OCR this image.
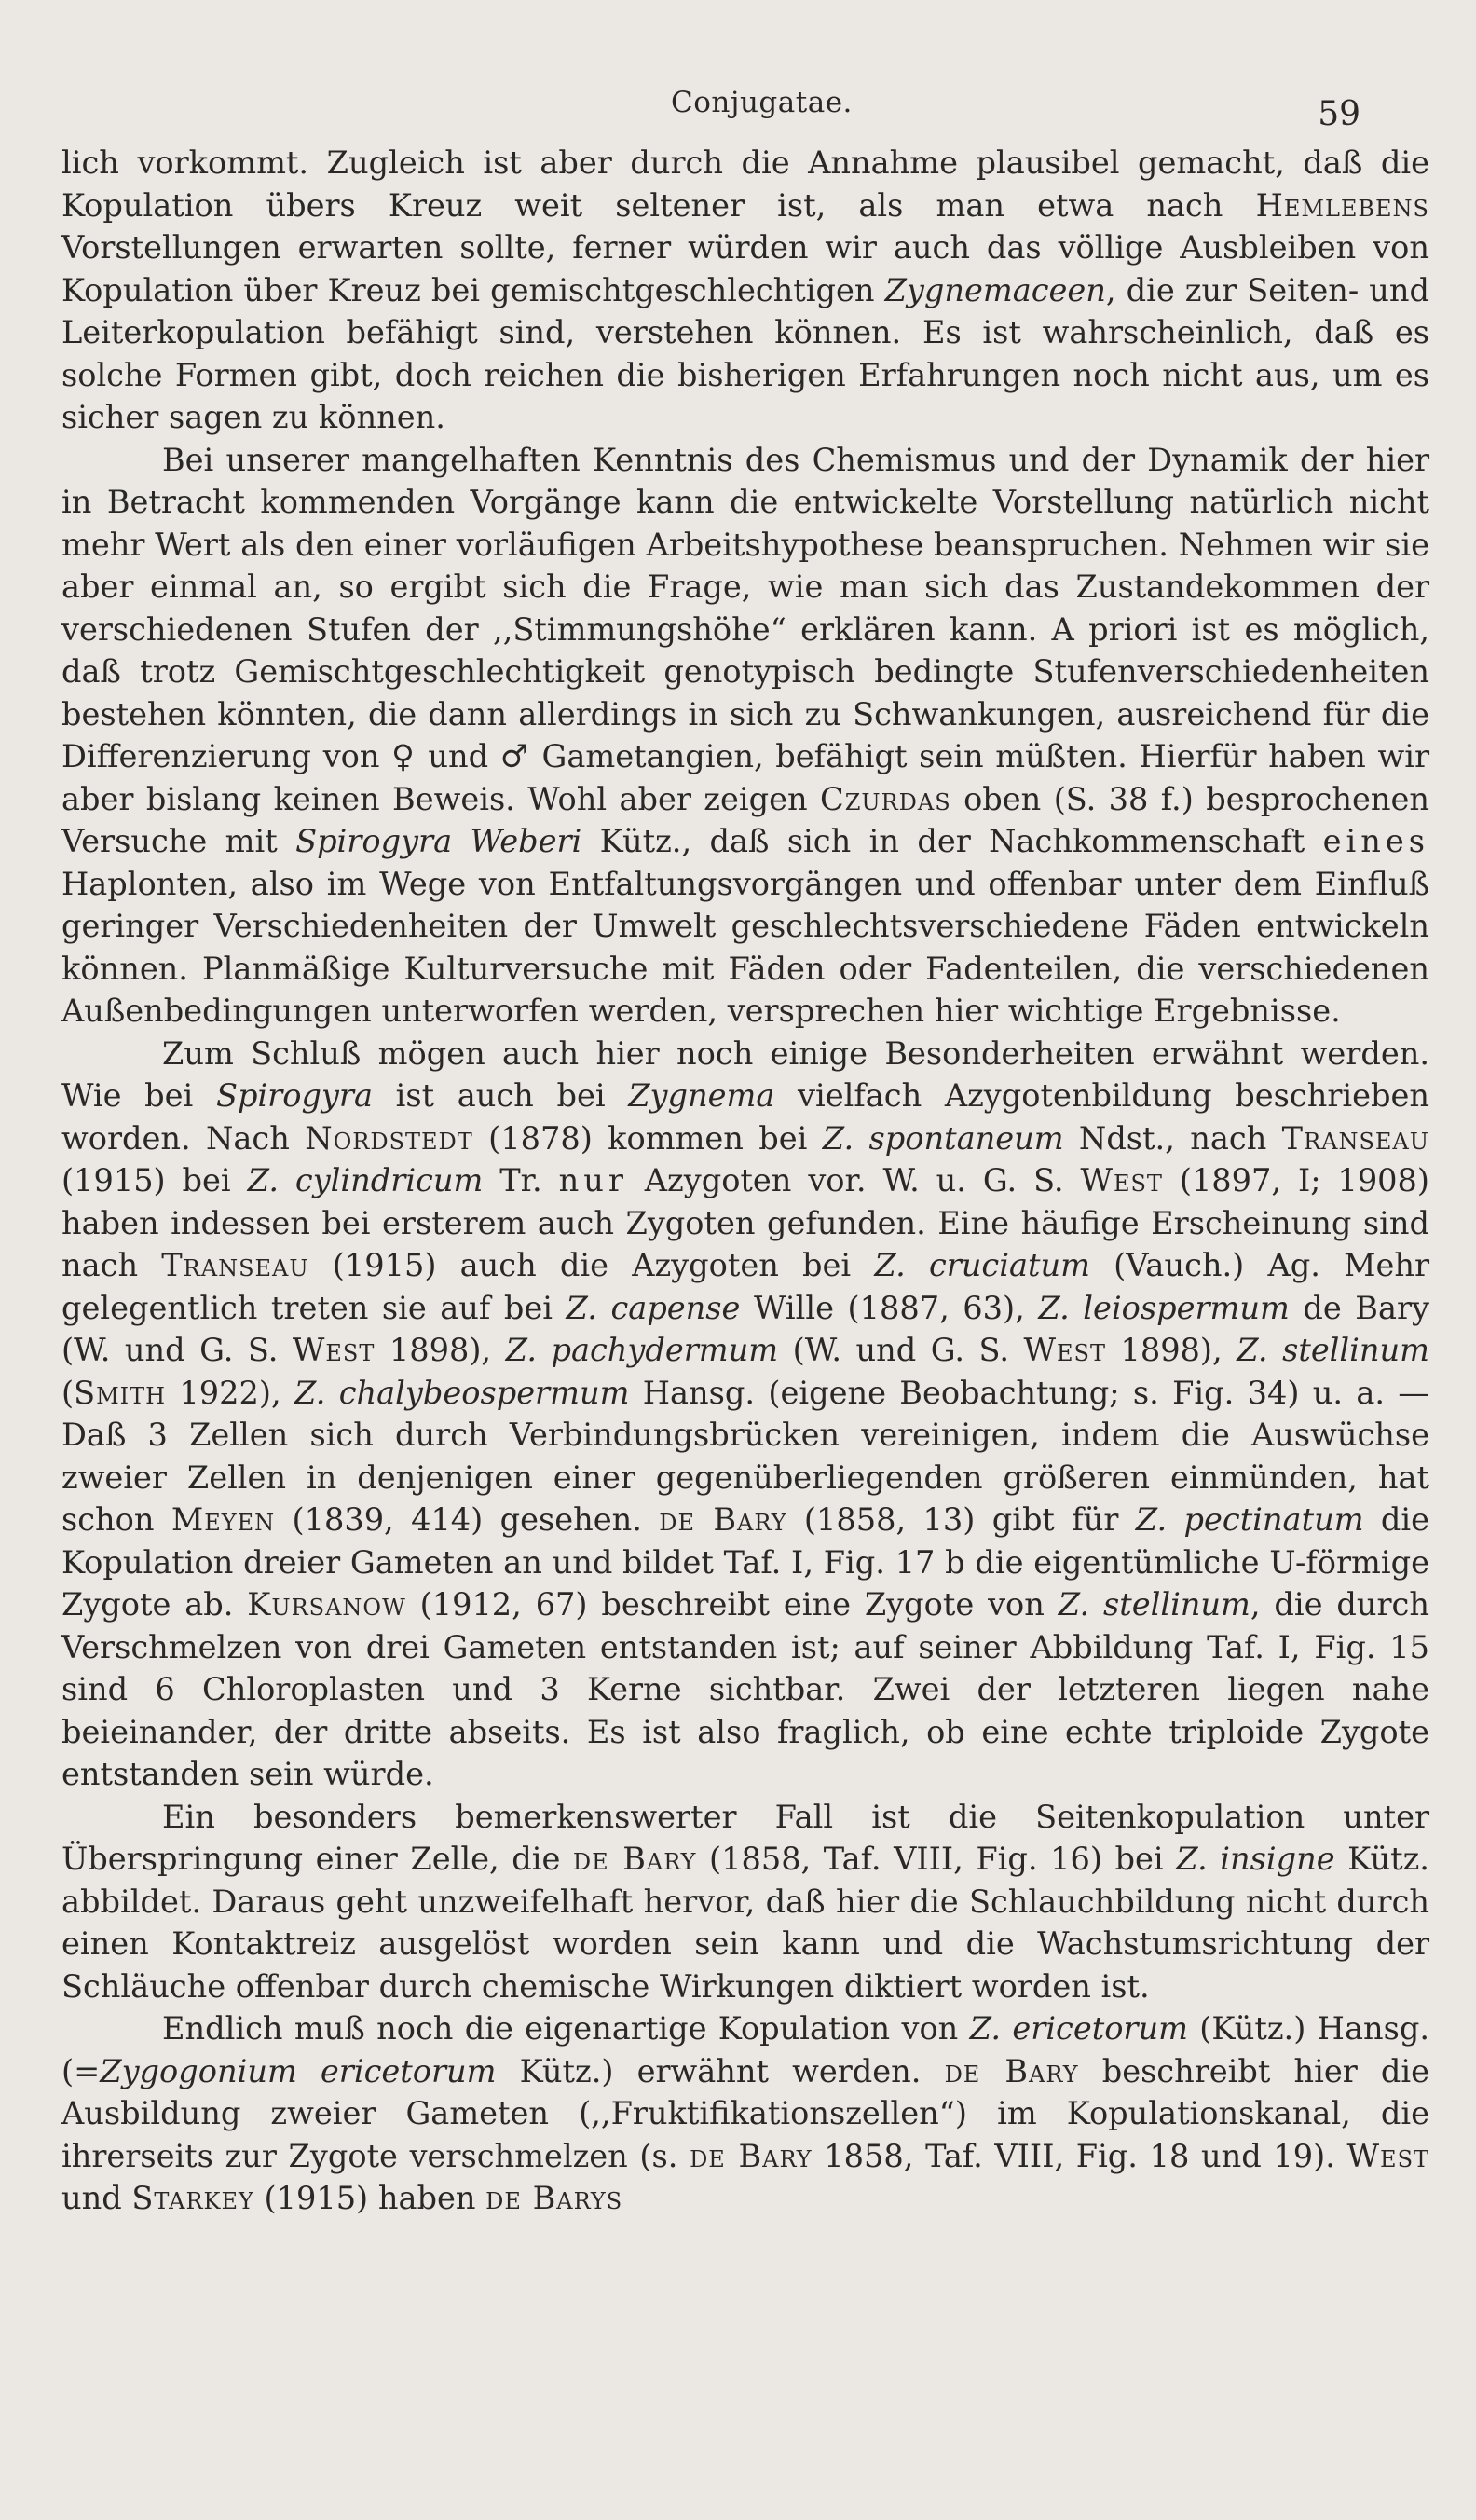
Conjugatae.	59

lich vorkommt. Zugleich ist aber durch die Annahme plausibel gemacht, daß die Kopulation übers Kreuz weit seltener ist, als man etwa nach Hemlebens Vorstellungen erwarten sollte, ferner würden wir auch das völlige Ausbleiben von Kopulation über Kreuz bei gemischtgeschlechtigen Zygnemaceen, die zur Seiten- und Leiterkopulation befähigt sind, verstehen können. Es ist wahrscheinlich, daß es solche Formen gibt, doch reichen die bisherigen Erfahrungen noch nicht aus, um es sicher sagen zu können.

Bei unserer mangelhaften Kenntnis des Chemismus und der Dynamik der hier in Betracht kommenden Vorgänge kann die entwickelte Vorstellung natürlich nicht mehr Wert als den einer vorläufigen Arbeitshypothese beanspruchen. Nehmen wir sie aber einmal an, so ergibt sich die Frage, wie man sich das Zustandekommen der verschiedenen Stufen der ,,Stimmungshöhe“ erklären kann. A priori ist es möglich, daß trotz Gemischtgeschlechtigkeit genotypisch bedingte Stufenverschiedenheiten bestehen könnten, die dann allerdings in sich zu Schwankungen, ausreichend für die Differenzierung von ♀ und ♂ Gametangien, befähigt sein müßten. Hierfür haben wir aber bislang keinen Beweis. Wohl aber zeigen Czurdas oben (S. 38 f.) besprochenen Versuche mit Spirogyra Weberi Kütz., daß sich in der Nachkommenschaft eines Haplonten, also im Wege von Entfaltungsvorgängen und offenbar unter dem Einfluß geringer Verschiedenheiten der Umwelt geschlechtsverschiedene Fäden entwickeln können. Planmäßige Kulturversuche mit Fäden oder Fadenteilen, die verschiedenen Außenbedingungen unterworfen werden, versprechen hier wichtige Ergebnisse.

Zum Schluß mögen auch hier noch einige Besonderheiten erwähnt werden. Wie bei Spirogyra ist auch bei Zygnema vielfach Azygotenbildung beschrieben worden. Nach Nordstedt (1878) kommen bei Z. spontaneum Ndst., nach Transeau (1915) bei Z. cylindricum Tr. nur Azygoten vor. W. u. G. S. West (1897, I; 1908) haben indessen bei ersterem auch Zygoten gefunden. Eine häufige Erscheinung sind nach Transeau (1915) auch die Azygoten bei Z. cruciatum (Vauch.) Ag. Mehr gelegentlich treten sie auf bei Z. capense Wille (1887, 63), Z. leiospermum de Bary (W. und G. S. West 1898), Z. pachydermum (W. und G. S. West 1898), Z. stellinum (Smith 1922), Z. chalybeospermum Hansg. (eigene Beobachtung; s. Fig. 34) u. a. — Daß 3 Zellen sich durch Verbindungsbrücken vereinigen, indem die Auswüchse zweier Zellen in denjenigen einer gegenüberliegenden größeren einmünden, hat schon Meyen (1839, 414) gesehen. de Bary (1858, 13) gibt für Z. pectinatum die Kopulation dreier Gameten an und bildet Taf. I, Fig. 17 b die eigentümliche U-förmige Zygote ab. Kursanow (1912, 67) beschreibt eine Zygote von Z. stellinum, die durch Verschmelzen von drei Gameten entstanden ist; auf seiner Abbildung Taf. I, Fig. 15 sind 6 Chloroplasten und 3 Kerne sichtbar. Zwei der letzteren liegen nahe beieinander, der dritte abseits. Es ist also fraglich, ob eine echte triploide Zygote entstanden sein würde.

Ein besonders bemerkenswerter Fall ist die Seitenkopulation unter Überspringung einer Zelle, die de Bary (1858, Taf. VIII, Fig. 16) bei Z. insigne Kütz. abbildet. Daraus geht unzweifelhaft hervor, daß hier die Schlauchbildung nicht durch einen Kontaktreiz ausgelöst worden sein kann und die Wachstumsrichtung der Schläuche offenbar durch chemische Wirkungen diktiert worden ist.

Endlich muß noch die eigenartige Kopulation von Z. ericetorum (Kütz.) Hansg. (=Zygogonium ericetorum Kütz.) erwähnt werden. de Bary beschreibt hier die Ausbildung zweier Gameten (,,Fruktifikationszellen“) im Kopulationskanal, die ihrerseits zur Zygote verschmelzen (s. de Bary 1858, Taf. VIII, Fig. 18 und 19). West und Starkey (1915) haben de Barys
